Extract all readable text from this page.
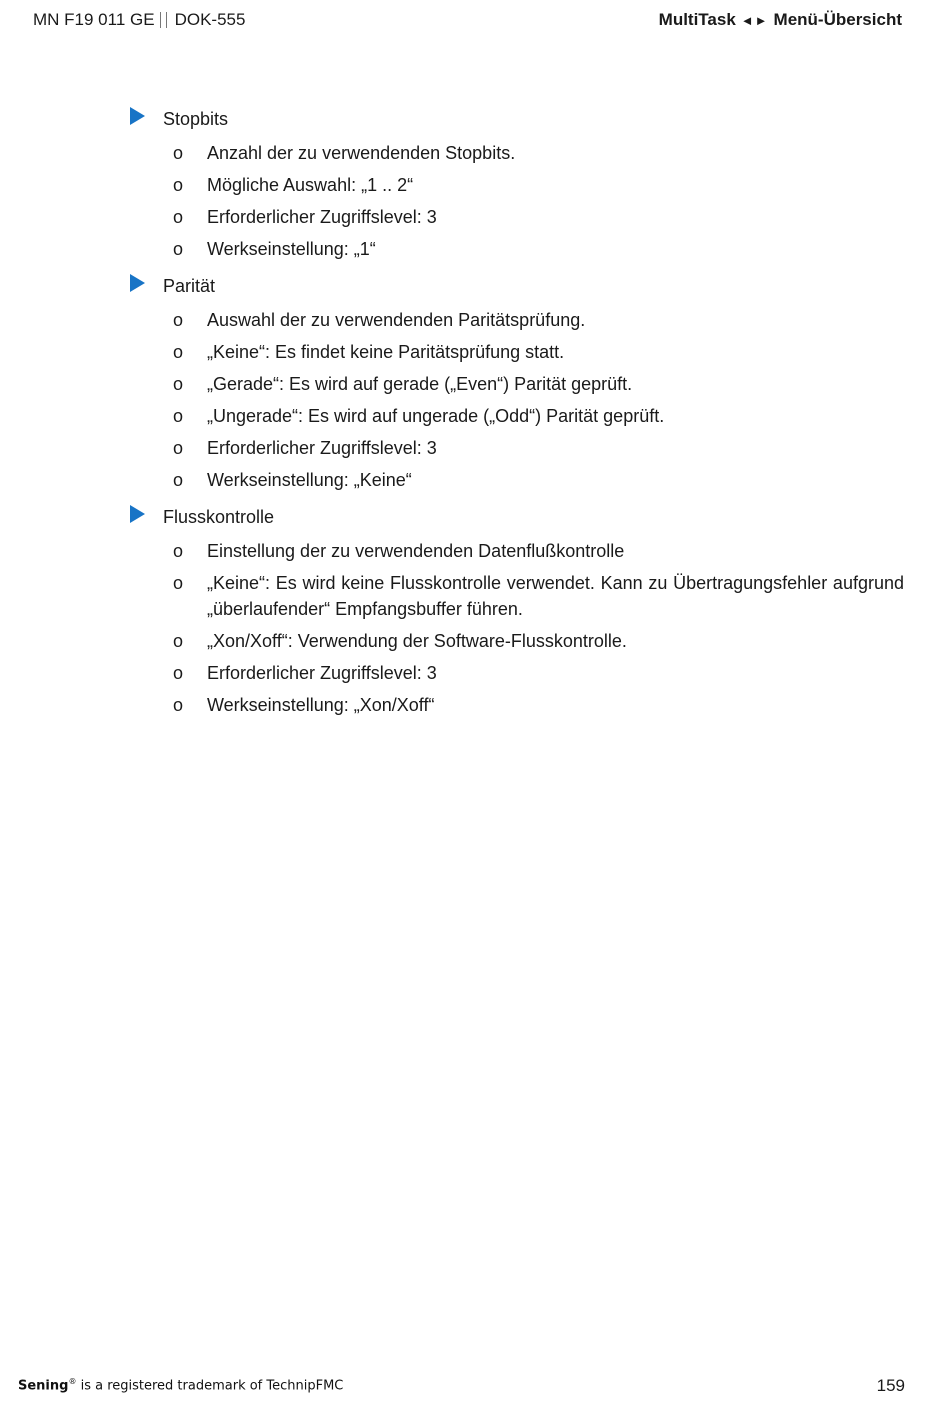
MN F19 011 GE DOK-555	MultiTask ◄► Menü-Übersicht
Stopbits
o	Anzahl der zu verwendenden Stopbits.
o	Mögliche Auswahl: „1 .. 2“
o	Erforderlicher Zugriffslevel: 3
o	Werkseinstellung: „1“
Parität
o	Auswahl der zu verwendenden Paritätsprüfung.
o	„Keine“: Es findet keine Paritätsprüfung statt.
o	„Gerade“: Es wird auf gerade („Even“) Parität geprüft.
o	„Ungerade“: Es wird auf ungerade („Odd“) Parität geprüft.
o	Erforderlicher Zugriffslevel: 3
o	Werkseinstellung: „Keine“
Flusskontrolle
o	Einstellung der zu verwendenden Datenflußkontrolle
o	„Keine“: Es wird keine Flusskontrolle verwendet. Kann zu Übertragungsfehler aufgrund „überlaufender“ Empfangsbuffer führen.
o	„Xon/Xoff“: Verwendung der Software-Flusskontrolle.
o	Erforderlicher Zugriffslevel: 3
o	Werkseinstellung: „Xon/Xoff“
Sening® is a registered trademark of TechnipFMC	159
